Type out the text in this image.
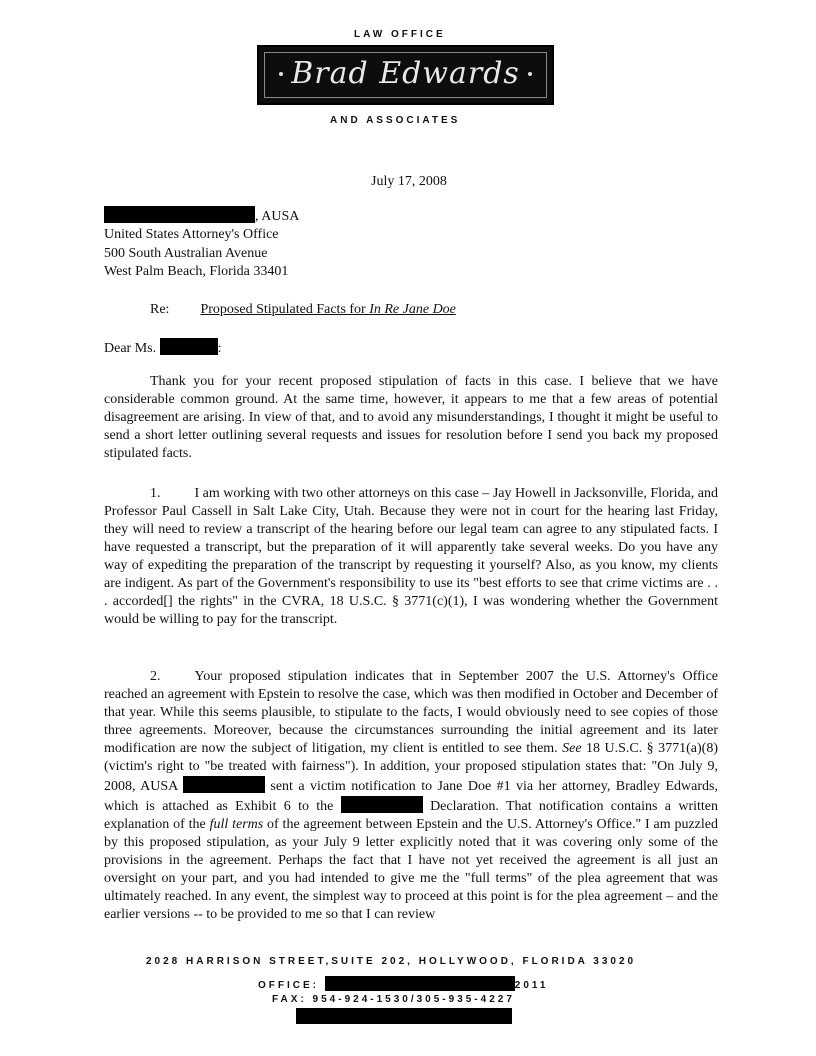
LAW OFFICE
Brad Edwards
AND ASSOCIATES
July 17, 2008
, AUSA
United States Attorney's Office
500 South Australian Avenue
West Palm Beach, Florida 33401
Re: Proposed Stipulated Facts for In Re Jane Doe
Dear Ms.	:

Thank you for your recent proposed stipulation of facts in this case. I believe that we have considerable common ground. At the same time, however, it appears to me that a few areas of potential disagreement are arising. In view of that, and to avoid any misunderstandings, I thought it might be useful to send a short letter outlining several requests and issues for resolution before I send you back my proposed stipulated facts.

1. I am working with two other attorneys on this case – Jay Howell in Jacksonville, Florida, and Professor Paul Cassell in Salt Lake City, Utah. Because they were not in court for the hearing last Friday, they will need to review a transcript of the hearing before our legal team can agree to any stipulated facts. I have requested a transcript, but the preparation of it will apparently take several weeks. Do you have any way of expediting the preparation of the transcript by requesting it yourself? Also, as you know, my clients are indigent. As part of the Government's responsibility to use its "best efforts to see that crime victims are . . . accorded[] the rights" in the CVRA, 18 U.S.C. § 3771(c)(1), I was wondering whether the Government would be willing to pay for the transcript.

2. Your proposed stipulation indicates that in September 2007 the U.S. Attorney's Office reached an agreement with Epstein to resolve the case, which was then modified in October and December of that year. While this seems plausible, to stipulate to the facts, I would obviously need to see copies of those three agreements. Moreover, because the circumstances surrounding the initial agreement and its later modification are now the subject of litigation, my client is entitled to see them. See 18 U.S.C. § 3771(a)(8) (victim's right to "be treated with fairness"). In addition, your proposed stipulation states that: "On July 9, 2008, AUSA	sent a victim notification to Jane Doe #1 via her attorney, Bradley Edwards, which is attached as Exhibit 6 to the	Declaration. That notification contains a written explanation of the full terms of the agreement between Epstein and the U.S. Attorney's Office." I am puzzled by this proposed stipulation, as your July 9 letter explicitly noted that it was covering only some of the provisions in the agreement. Perhaps the fact that I have not yet received the agreement is all just an oversight on your part, and you had intended to give me the "full terms" of the plea agreement that was ultimately reached. In any event, the simplest way to proceed at this point is for the plea agreement – and the earlier versions -- to be provided to me so that I can review

2028 HARRISON STREET,SUITE 202, HOLLYWOOD, FLORIDA 33020
OFFICE:	2011
FAX: 954-924-1530/305-935-4227
